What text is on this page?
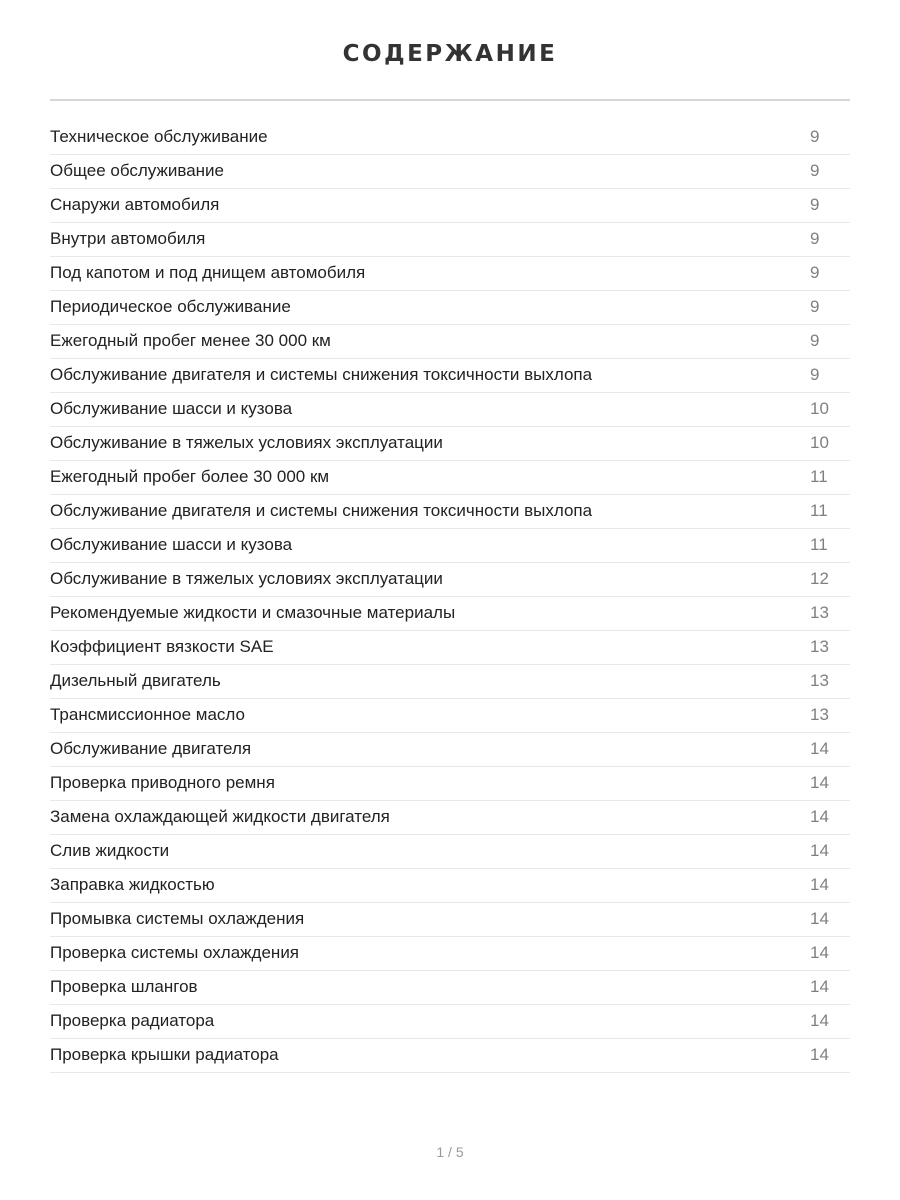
СОДЕРЖАНИЕ
Техническое обслуживание	9
Общее обслуживание	9
Снаружи автомобиля	9
Внутри автомобиля	9
Под капотом и под днищем автомобиля	9
Периодическое обслуживание	9
Ежегодный пробег менее 30 000 км	9
Обслуживание двигателя и системы снижения токсичности выхлопа	9
Обслуживание шасси и кузова	10
Обслуживание в тяжелых условиях эксплуатации	10
Ежегодный пробег более 30 000 км	11
Обслуживание двигателя и системы снижения токсичности выхлопа	11
Обслуживание шасси и кузова	11
Обслуживание в тяжелых условиях эксплуатации	12
Рекомендуемые жидкости и смазочные материалы	13
Коэффициент вязкости SAE	13
Дизельный двигатель	13
Трансмиссионное масло	13
Обслуживание двигателя	14
Проверка приводного ремня	14
Замена охлаждающей жидкости двигателя	14
Слив жидкости	14
Заправка жидкостью	14
Промывка системы охлаждения	14
Проверка системы охлаждения	14
Проверка шлангов	14
Проверка радиатора	14
Проверка крышки радиатора	14
1 / 5
